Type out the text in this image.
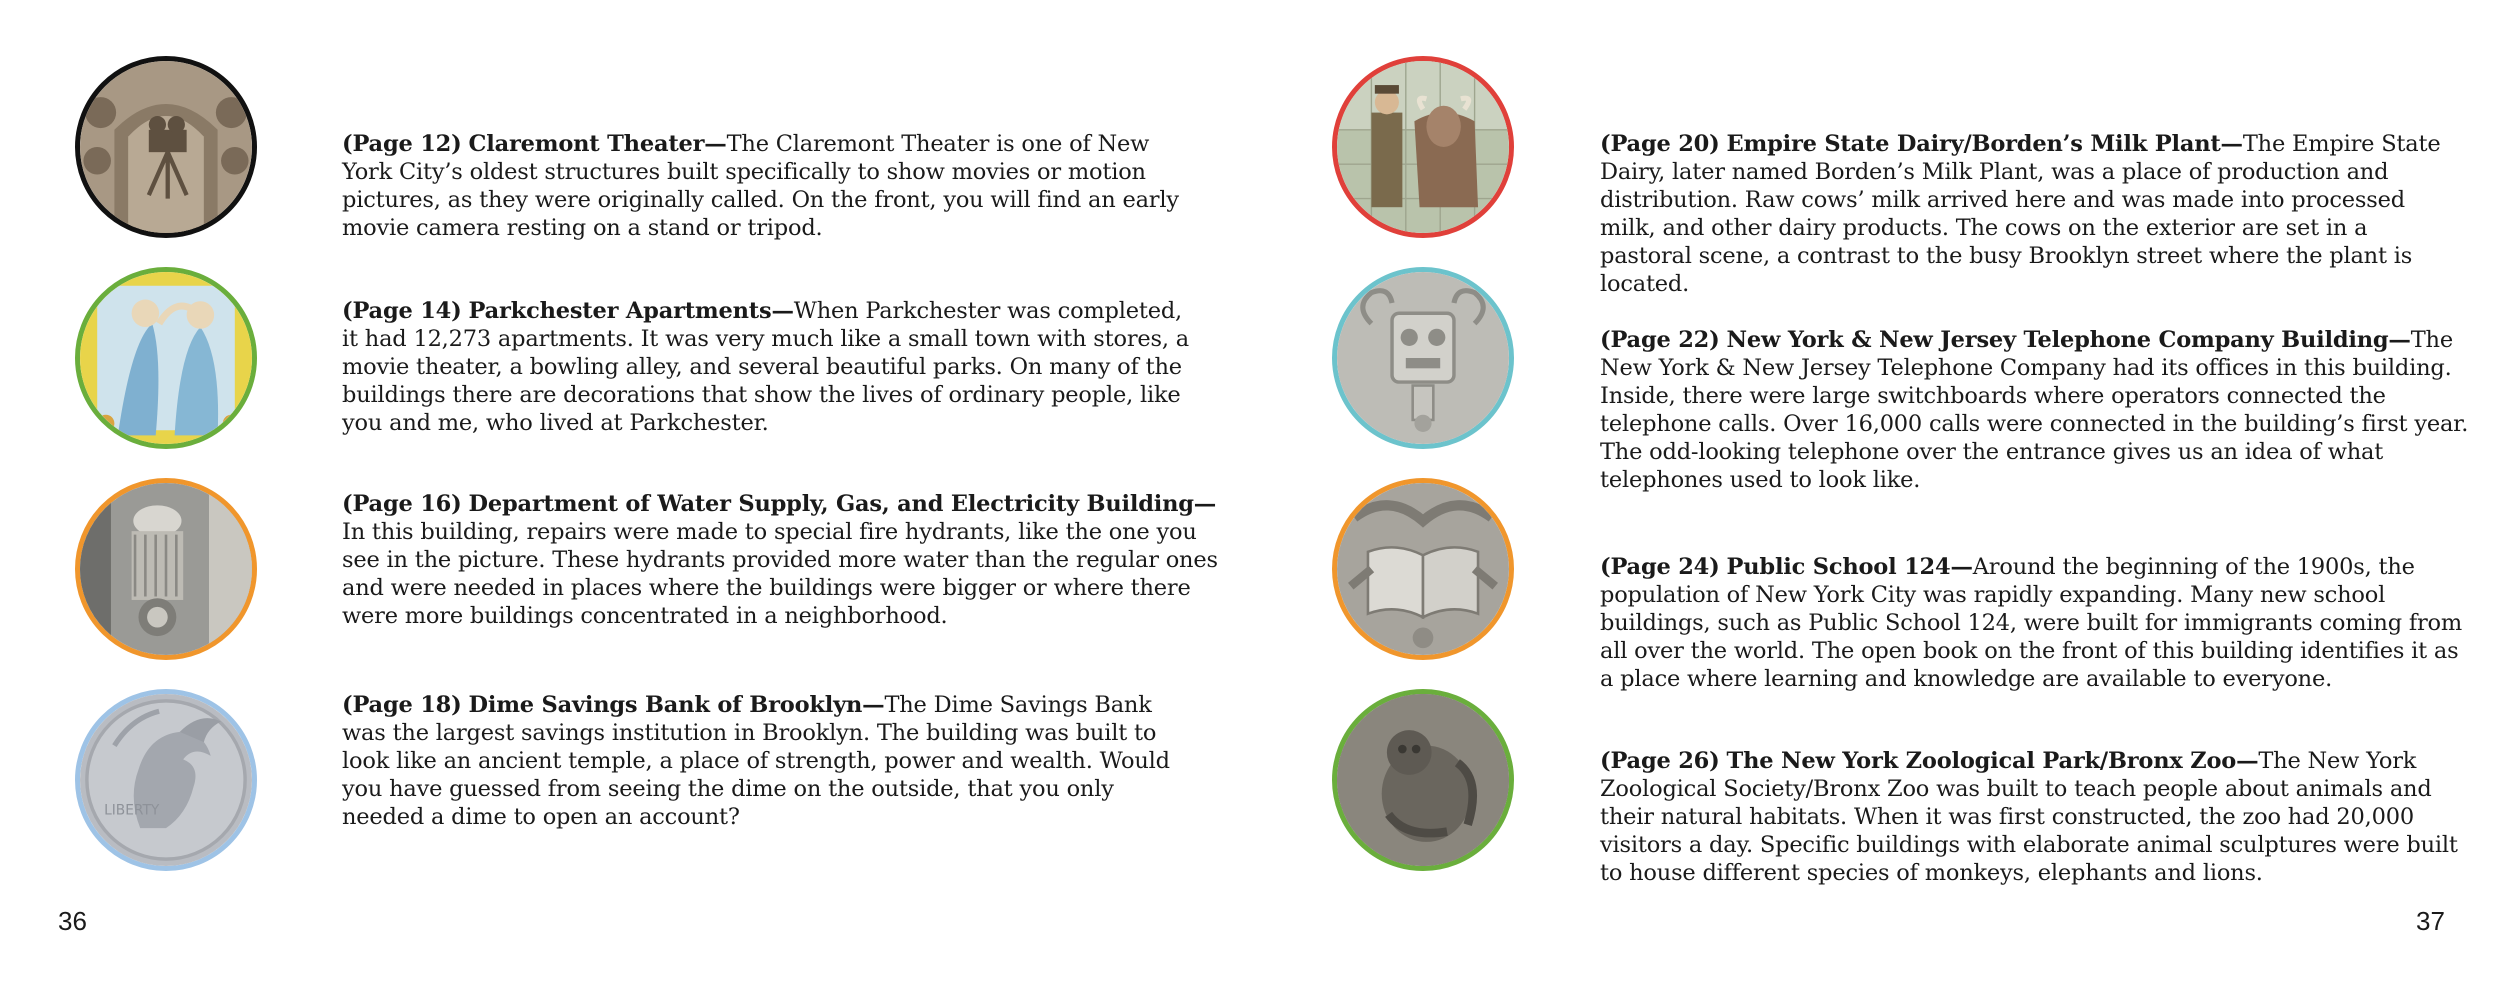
(Page 12) Claremont Theater—The Claremont Theater is one of New York City’s oldest structures built specifically to show movies or motion pictures, as they were originally called. On the front, you will find an early movie camera resting on a stand or tripod.

(Page 14) Parkchester Apartments—When Parkchester was completed, it had 12,273 apartments. It was very much like a small town with stores, a movie theater, a bowling alley, and several beautiful parks. On many of the buildings there are decorations that show the lives of ordinary people, like you and me, who lived at Parkchester.

(Page 16) Department of Water Supply, Gas, and Electricity Building—
In this building, repairs were made to special fire hydrants, like the one you see in the picture. These hydrants provided more water than the regular ones and were needed in places where the buildings were bigger or where there were more buildings concentrated in a neighborhood.

LIBERTY

(Page 18) Dime Savings Bank of Brooklyn—The Dime Savings Bank was the largest savings institution in Brooklyn. The building was built to look like an ancient temple, a place of strength, power and wealth. Would you have guessed from seeing the dime on the outside, that you only needed a dime to open an account?

36

(Page 20) Empire State Dairy/Borden’s Milk Plant—The Empire State Dairy, later named Borden’s Milk Plant, was a place of production and distribution. Raw cows’ milk arrived here and was made into processed milk, and other dairy products. The cows on the exterior are set in a pastoral scene, a contrast to the busy Brooklyn street where the plant is located.

(Page 22) New York & New Jersey Telephone Company Building—The New York & New Jersey Telephone Company had its offices in this building. Inside, there were large switchboards where operators connected the telephone calls. Over 16,000 calls were connected in the building’s first year. The odd-looking telephone over the entrance gives us an idea of what telephones used to look like.

(Page 24) Public School 124—Around the beginning of the 1900s, the population of New York City was rapidly expanding. Many new school buildings, such as Public School 124, were built for immigrants coming from all over the world. The open book on the front of this building identifies it as a place where learning and knowledge are available to everyone.

(Page 26) The New York Zoological Park/Bronx Zoo—The New York Zoological Society/Bronx Zoo was built to teach people about animals and their natural habitats. When it was first constructed, the zoo had 20,000 visitors a day. Specific buildings with elaborate animal sculptures were built to house different species of monkeys, elephants and lions.

37
